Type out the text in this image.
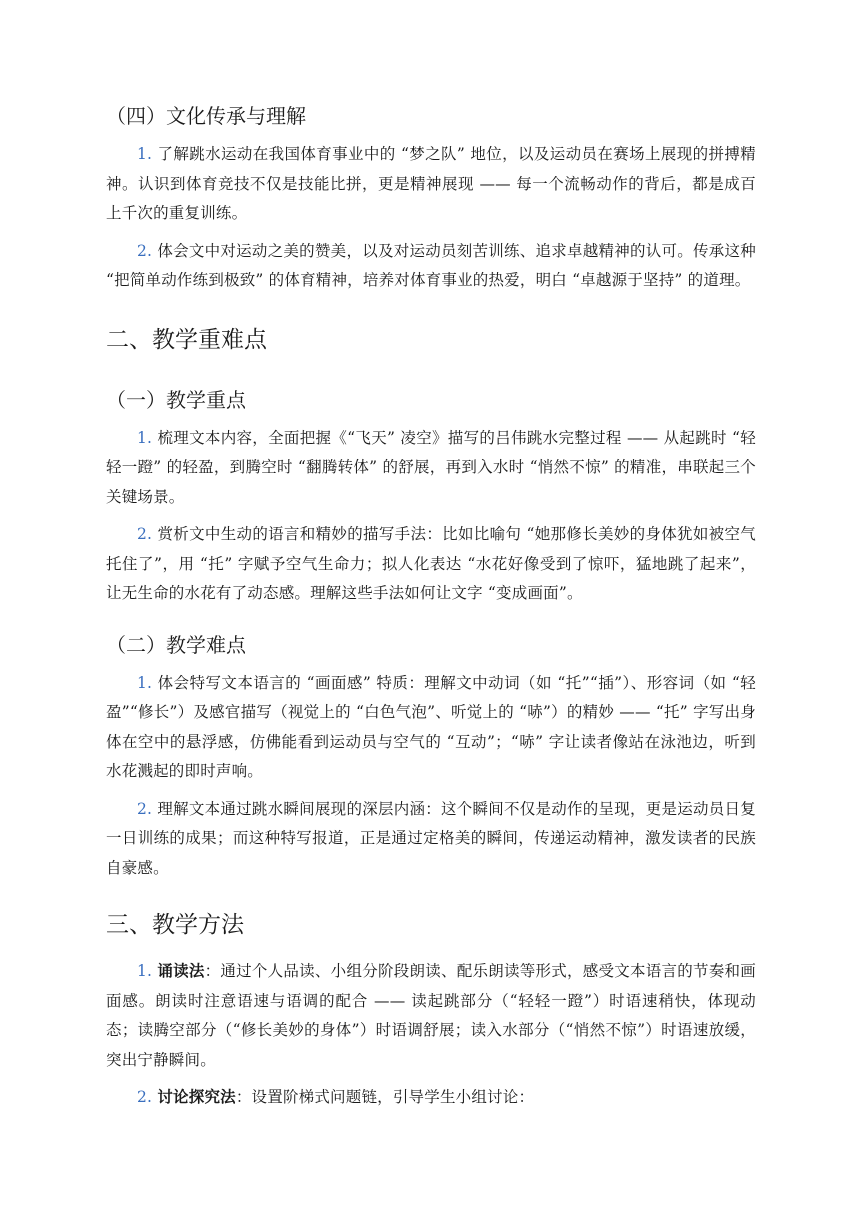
（四）文化传承与理解

1. 了解跳水运动在我国体育事业中的 “梦之队” 地位，以及运动员在赛场上展现的拼搏精神。认识到体育竞技不仅是技能比拼，更是精神展现 —— 每一个流畅动作的背后，都是成百上千次的重复训练。

2. 体会文中对运动之美的赞美，以及对运动员刻苦训练、追求卓越精神的认可。传承这种 “把简单动作练到极致” 的体育精神，培养对体育事业的热爱，明白 “卓越源于坚持” 的道理。

二、教学重难点
（一）教学重点

1. 梳理文本内容，全面把握《“飞天” 凌空》描写的吕伟跳水完整过程 —— 从起跳时 “轻轻一蹬” 的轻盈，到腾空时 “翻腾转体” 的舒展，再到入水时 “悄然不惊” 的精准，串联起三个关键场景。

2. 赏析文中生动的语言和精妙的描写手法：比如比喻句 “她那修长美妙的身体犹如被空气托住了”，用 “托” 字赋予空气生命力；拟人化表达 “水花好像受到了惊吓，猛地跳了起来”，让无生命的水花有了动态感。理解这些手法如何让文字 “变成画面”。

（二）教学难点

1. 体会特写文本语言的 “画面感” 特质：理解文中动词（如 “托”“插”）、形容词（如 “轻盈”“修长”）及感官描写（视觉上的 “白色气泡”、听觉上的 “哧”）的精妙 —— “托” 字写出身体在空中的悬浮感，仿佛能看到运动员与空气的 “互动”；“哧” 字让读者像站在泳池边，听到水花溅起的即时声响。

2. 理解文本通过跳水瞬间展现的深层内涵：这个瞬间不仅是动作的呈现，更是运动员日复一日训练的成果；而这种特写报道，正是通过定格美的瞬间，传递运动精神，激发读者的民族自豪感。

三、教学方法

1. 诵读法：通过个人品读、小组分阶段朗读、配乐朗读等形式，感受文本语言的节奏和画面感。朗读时注意语速与语调的配合 —— 读起跳部分（“轻轻一蹬”）时语速稍快，体现动态；读腾空部分（“修长美妙的身体”）时语调舒展；读入水部分（“悄然不惊”）时语速放缓，突出宁静瞬间。

2. 讨论探究法：设置阶梯式问题链，引导学生小组讨论：
